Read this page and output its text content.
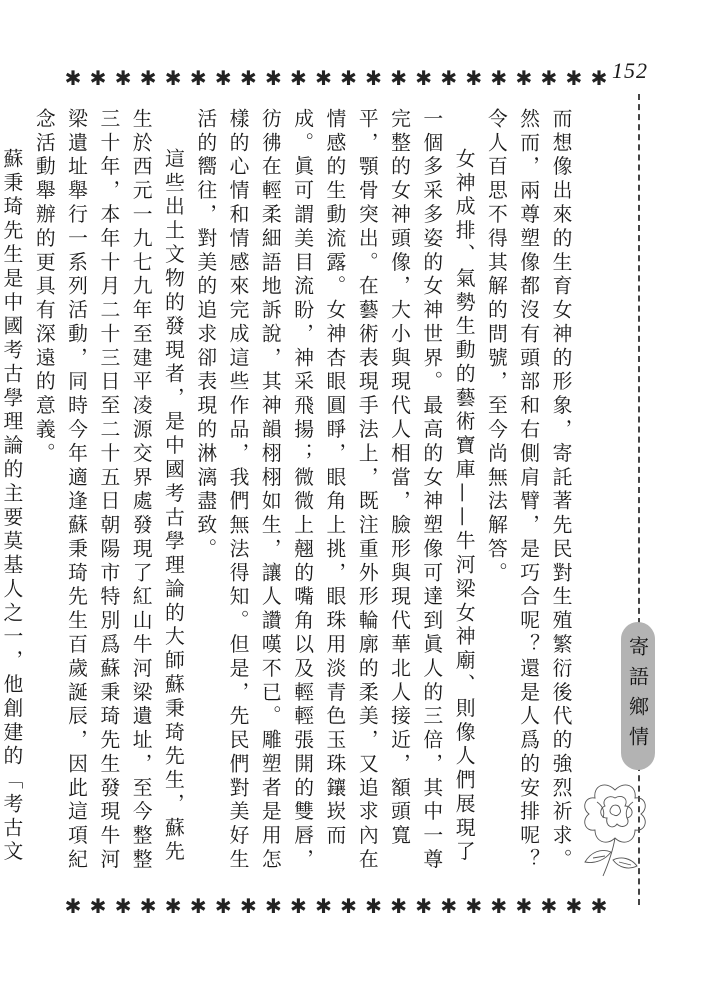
152
✱ ✱ ✱ ✱ ✱ ✱ ✱ ✱ ✱ ✱ ✱ ✱ ✱ ✱ ✱ ✱ ✱ ✱ ✱ ✱ ✱ ✱
寄語鄉情

而想像出來的生育女神的形象，寄託著先民對生殖繁衍後代的強烈祈求。然而，兩尊塑像都沒有頭部和右側肩臂，是巧合呢？還是人爲的安排呢？令人百思不得其解的問號，至今尚無法解答。

女神成排、氣勢生動的藝術寶庫——牛河梁女神廟、則像人們展現了一個多采多姿的女神世界。最高的女神塑像可達到眞人的三倍，其中一尊完整的女神頭像，大小與現代人相當，臉形與現代華北人接近，額頭寬平，顎骨突出。在藝術表現手法上，既注重外形輪廓的柔美，又追求內在情感的生動流露。女神杏眼圓睜，眼角上挑，眼珠用淡青色玉珠鑲崁而成。眞可謂美目流盼，神采飛揚；微微上翹的嘴角以及輕輕張開的雙唇，彷彿在輕柔細語地訴說，其神韻栩栩如生，讓人讚嘆不已。雕塑者是用怎樣的心情和情感來完成這些作品，我們無法得知。但是，先民們對美好生活的嚮往，對美的追求卻表現的淋漓盡致。

這些出土文物的發現者，是中國考古學理論的大師蘇秉琦先生，蘇先生於西元一九七九年至建平凌源交界處發現了紅山牛河梁遺址，至今整整三十年，本年十月二十三日至二十五日朝陽市特別爲蘇秉琦先生發現牛河梁遺址舉行一系列活動，同時今年適逢蘇秉琦先生百歲誕辰，因此這項紀念活動舉辦的更具有深遠的意義。

蘇秉琦先生是中國考古學理論的主要莫基人之一，他創建的「考古文

✱ ✱ ✱ ✱ ✱ ✱ ✱ ✱ ✱ ✱ ✱ ✱ ✱ ✱ ✱ ✱ ✱ ✱ ✱ ✱ ✱ ✱
